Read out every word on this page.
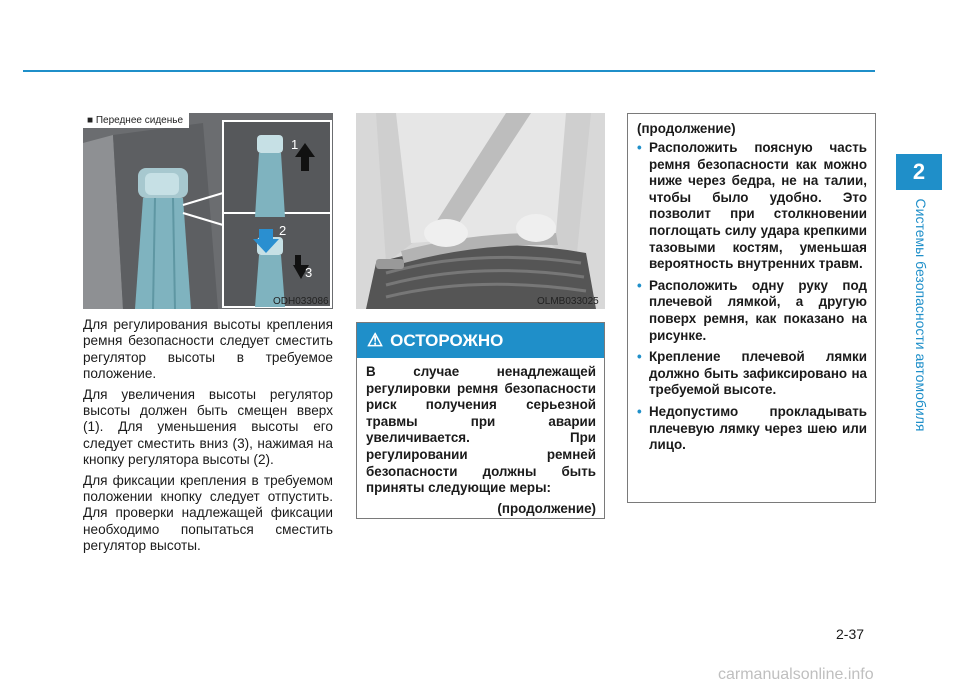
2
Системы безопасности автомобиля
1
2
3
■ Переднее сиденье
ODH033086	OLMB033025

Для регулирования высоты крепления ремня безопасности следует сместить регулятор высоты в требуемое положение.

Для увеличения высоты регулятор высоты должен быть смещен вверх (1). Для уменьшения высоты его следует сместить вниз (3), нажимая на кнопку регулятора высоты (2).

Для фиксации крепления в требуемом положении кнопку следует отпустить. Для проверки надлежащей фиксации необходимо попытаться сместить регулятор высоты.

⚠ ОСТОРОЖНО
В случае ненадлежащей регулировки ремня безопасности риск получения серьезной травмы при аварии увеличивается. При регулировании ремней безопасности должны быть приняты следующие меры:
(продолжение)
(продолжение)
• Расположить поясную часть ремня безопасности как можно ниже через бедра, не на талии, чтобы было удобно. Это позволит при столкновении поглощать силу удара крепкими тазовыми костям, уменьшая вероятность внутренних травм.
• Расположить одну руку под плечевой лямкой, а другую поверх ремня, как показано на рисунке.
• Крепление плечевой лямки должно быть зафиксировано на требуемой высоте.
• Недопустимо прокладывать плечевую лямку через шею или лицо.
2-37
carmanualsonline.info
